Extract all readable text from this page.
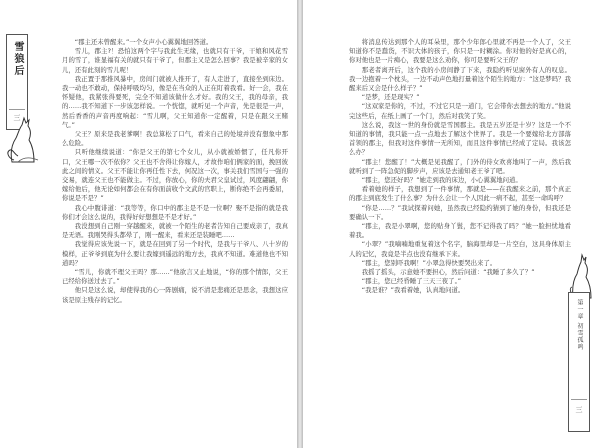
雪狼后
三

“郡主还未曾醒来。”一个女声小心翼翼地回答道。

雪儿，郡主?！恐怕这两个字与我此生无缘，也就只有干爷，干娘和风花雪月的雪了，谁显福有关的就只有干爷了，但郡主又是怎么回事？我是被辛家的女儿，还有此刻的雪儿呢！

我正置于那推风暴中，房间门就被人推开了，有人走进了，直接坐到床边。我一动也不敢动，保持呼吸均匀，像是在当众的人正在盯着我看。好一会，我在怀疑他，我紧张得要死，完全不知道该做什么才好。我的父王，我的母亲，我的……我不知道下一步该怎样说。一个恍惚，就听见一个声音，先是很是一声，然后香香的声音再度响起：“雪儿啊，父王知道你一定醒着，只是在跟父王赌气。”

父王？原来是我老爹啊！我总算松了口气，看来自己的处境并没有想象中那么危险。

只听他继续说道：“你是父王的第七个女儿，从小就被娇惯了，任凡你开口，父王哪一次不依你？父王也不舍得让你嫁人，才故作咱们俩家的面，挽回彼此之间的情义。父王不能让你再任性下去，何况这一次，事关我们雪国与一强的交易，就连父王也不能做主。不过，你放心，你的夫君父皇试过，风度翩翩，你嫁给他后，他无论如何都会在有你面前收个文武的官职上，断你绝不会再委屈，你说是不是？”

我心中腹诽道：“我等等，你口中的郡主是不是一位啊？娶不是指的就是我你们才会这么说的，我得好好想想是不是才好。”

我没想到自己刚一穿越醒来，就被一个陌生的老者告知自己要成亲了，我真是无语。我刚哭得头都晕了，刚一醒来，看来还是装睡吧……

我觉得应该先说一下，就是在回到了另一个时代，是我与干爷八、八十岁的模样，正爷爷到底为什么要让我嫁到遥远的地方去，我真不知道。难道他也不知道吗？

“雪儿，你就不理父王吗？那……”他欲言又止地说，“你的那个情郎，父王已经给你送过去了。”

他只是这么说，却使得我的心一阵剧痛，说不清是悲痛还是思念，我想这应该是原主残存的记忆。

将消息传达到那个人的耳朵里，那个少年郎心里就不再是一个人了，父王知道你不是蠢货，不识大体的孩子，你只是一时糊涂。你对他的好是真心的，你对他也是一片痴心，我要是这么劝你，你可是要听父王的？

那老者离开后，这个我的小房间静了下来，我隐约听见窗外有人的叹息。我一边抱着一个枕头，一边不动声色地打量着这个陌生的地方：“这是梦吗？我醒来后又会是什么样子？”

“是梦，还是现实？”

“这双家是你的，不过，不过它只是一道门，它会带你去想去的地方。”他说完这些后，在纸上画了一个门，然后对我笑了笑。

这么说，我这一世的身份就是雪国郡主。我是五岁还是十岁？这是一个不知道的事情，我只能一点一点地去了解这个世界了。我是一个要嫁给北方部落首领的郡主，但我对这件事情一无所知，而且这件事情已经成了定局。我该怎么办？

“郡主！您醒了！”大概是见我醒了，门外的侍女欢喜地叫了一声，然后我就听到了一阵急促的脚步声，应该是去通知老王爷了吧。

“郡主，您还好吗？”她走到我的床边，小心翼翼地问道。

看着她的样子，我想到了一件事情，那就是——在我醒来之前，那个真正的郡主到底发生了什么事？为什么会让一个人因此一病不起，甚至一命呜呼？

“你是……？”我试探着问她，虽然我已经隐约猜到了她的身份，但我还是要确认一下。

“郡主，我是小翠啊，您的贴身丫鬟，您不记得我了吗？”她一脸担忧地看着我。

“小翠？”我喃喃地重复着这个名字，脑海里却是一片空白，这具身体原主人的记忆，我竟是半点也没有继承下来。

“郡主，您别吓我啊！”小翠急得快要哭出来了。

我摇了摇头，示意她不要担心，然后问道：“我睡了多久了？”

“郡主，您已经昏睡了三天三夜了。”

“我是谁？”我看着她，认真地问道。

第一章 初雪孤鸣
三
